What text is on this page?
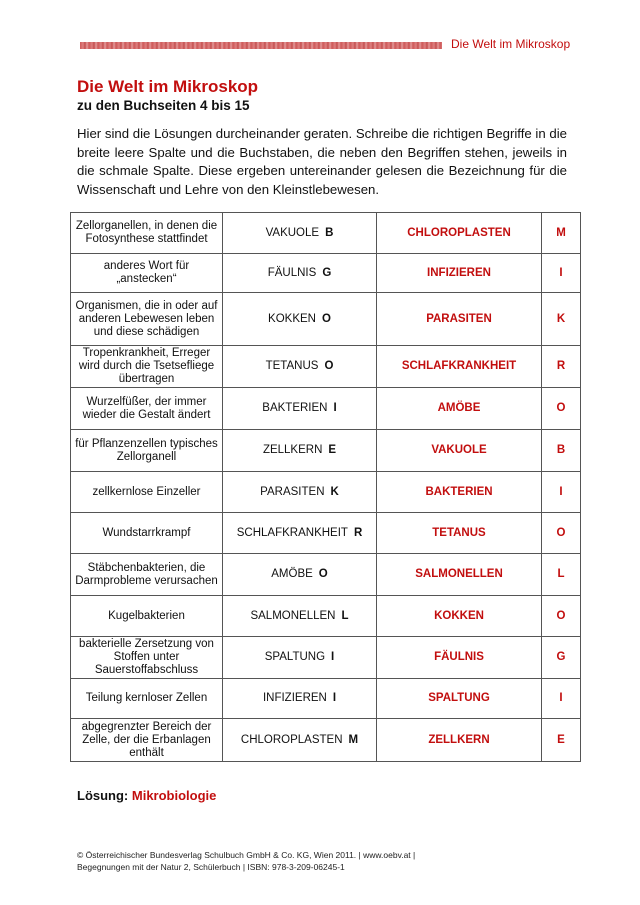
Die Welt im Mikroskop
Die Welt im Mikroskop
zu den Buchseiten 4 bis 15
Hier sind die Lösungen durcheinander geraten. Schreibe die richtigen Begriffe in die breite leere Spalte und die Buchstaben, die neben den Begriffen stehen, jeweils in die schmale Spalte. Diese ergeben untereinander gelesen die Bezeichnung für die Wissenschaft und Lehre von den Kleinstlebewesen.
Zellorganellen, in denen die Fotosynthese stattfindet	VAKUOLE B	CHLOROPLASTEN	M
anderes Wort für „anstecken“	FÄULNIS G	INFIZIEREN	I
Organismen, die in oder auf anderen Lebewesen leben und diese schädigen	KOKKEN O	PARASITEN	K
Tropenkrankheit, Erreger wird durch die Tsetsefliege übertragen	TETANUS O	SCHLAFKRANKHEIT	R
Wurzelfüßer, der immer wieder die Gestalt ändert	BAKTERIEN I	AMÖBE	O
für Pflanzenzellen typisches Zellorganell	ZELLKERN E	VAKUOLE	B
zellkernlose Einzeller	PARASITEN K	BAKTERIEN	I
Wundstarrkrampf	SCHLAFKRANKHEIT R	TETANUS	O
Stäbchenbakterien, die Darmprobleme verursachen	AMÖBE O	SALMONELLEN	L
Kugelbakterien	SALMONELLEN L	KOKKEN	O
bakterielle Zersetzung von Stoffen unter Sauerstoffabschluss	SPALTUNG I	FÄULNIS	G
Teilung kernloser Zellen	INFIZIEREN I	SPALTUNG	I
abgegrenzter Bereich der Zelle, der die Erbanlagen enthält	CHLOROPLASTEN M	ZELLKERN	E
Lösung: Mikrobiologie
© Österreichischer Bundesverlag Schulbuch GmbH & Co. KG, Wien 2011. | www.oebv.at |
Begegnungen mit der Natur 2, Schülerbuch | ISBN: 978-3-209-06245-1
